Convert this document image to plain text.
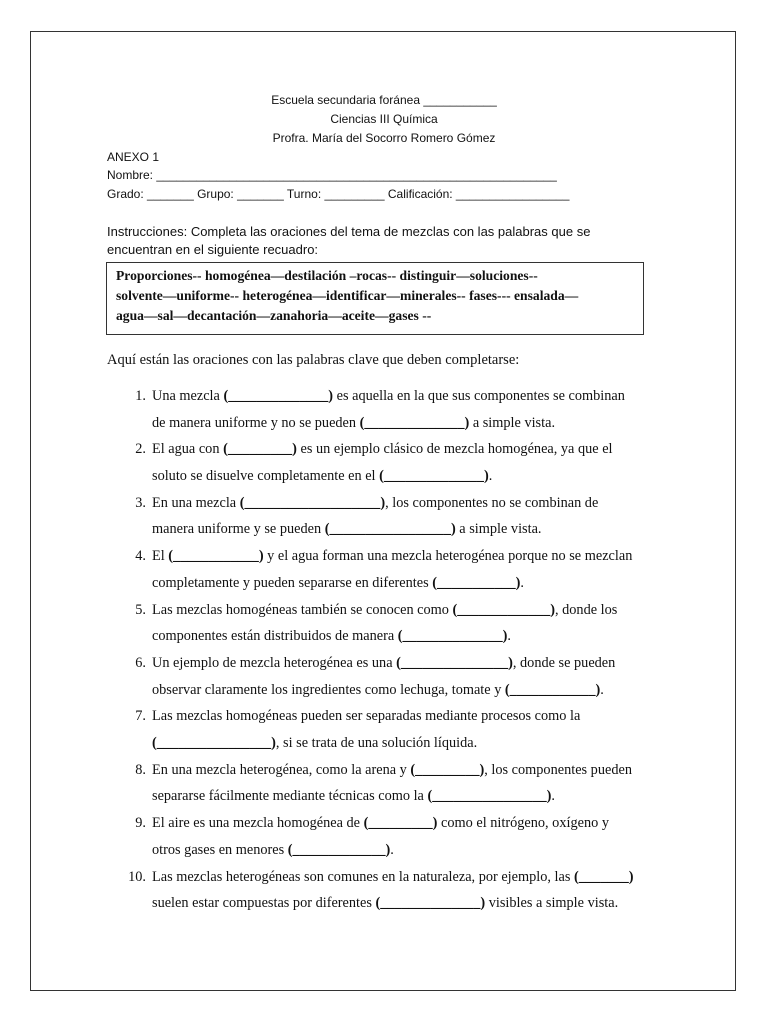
Escuela secundaria foránea ___________
Ciencias III Química
Profra. María del Socorro Romero Gómez
ANEXO 1
Nombre: ____________________________________________________________
Grado: _______ Grupo: _______ Turno: _________ Calificación: _________________
Instrucciones: Completa las oraciones del tema de mezclas con las palabras que se encuentran en el siguiente recuadro:
Proporciones-- homogénea—destilación –rocas-- distinguir—soluciones--
solvente—uniforme-- heterogénea—identificar—minerales-- fases--- ensalada—
agua—sal—decantación—zanahoria—aceite—gases --
Aquí están las oraciones con las palabras clave que deben completarse:
1. Una mezcla (______________) es aquella en la que sus componentes se combinan
de manera uniforme y no se pueden (______________) a simple vista.
2. El agua con (_________) es un ejemplo clásico de mezcla homogénea, ya que el
soluto se disuelve completamente en el (______________).
3. En una mezcla (___________________), los componentes no se combinan de
manera uniforme y se pueden (_________________) a simple vista.
4. El (____________) y el agua forman una mezcla heterogénea porque no se mezclan
completamente y pueden separarse en diferentes (___________).
5. Las mezclas homogéneas también se conocen como (_____________), donde los
componentes están distribuidos de manera (______________).
6. Un ejemplo de mezcla heterogénea es una (_______________), donde se pueden
observar claramente los ingredientes como lechuga, tomate y (____________).
7. Las mezclas homogéneas pueden ser separadas mediante procesos como la
(________________), si se trata de una solución líquida.
8. En una mezcla heterogénea, como la arena y (_________), los componentes pueden
separarse fácilmente mediante técnicas como la (________________).
9. El aire es una mezcla homogénea de (_________) como el nitrógeno, oxígeno y
otros gases en menores (_____________).
10. Las mezclas heterogéneas son comunes en la naturaleza, por ejemplo, las (_______)
suelen estar compuestas por diferentes (______________) visibles a simple vista.
